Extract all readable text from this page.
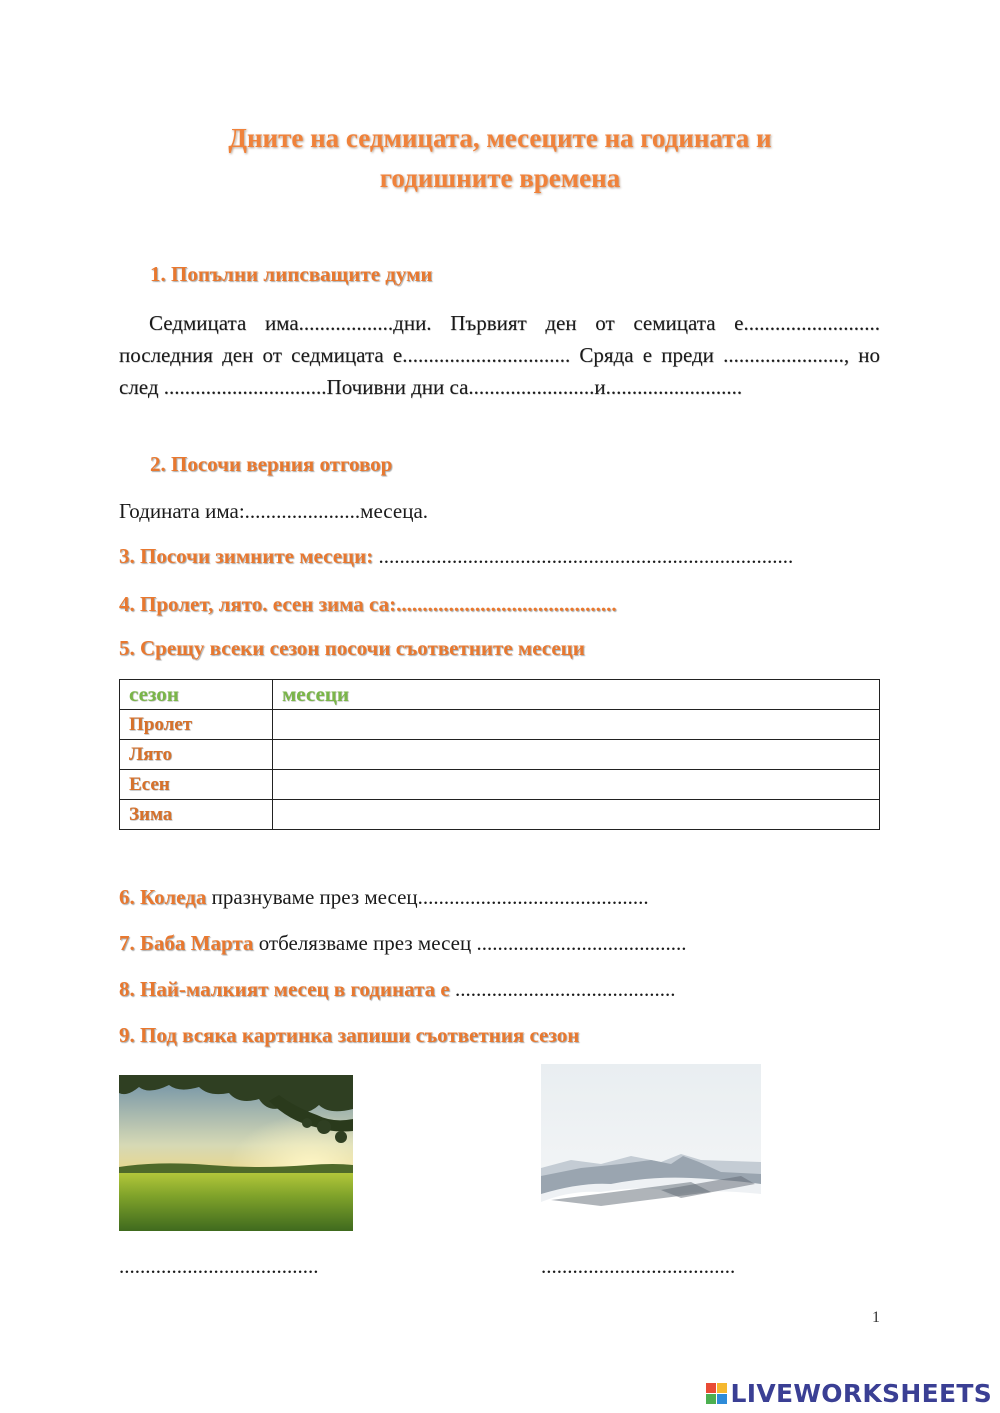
Дните на седмицата, месеците на годината и
годишните времена
1. Попълни липсващите думи
Седмицата има..................дни. Първият ден от семицата е.......................... последния ден от седмицата е................................ Сряда е преди ......................., но след ...............................Почивни дни са........................и..........................
2. Посочи верния отговор
Годината има:......................месеца.
3. Посочи зимните месеци: ...............................................................................
4. Пролет, лято. есен зима са:..........................................
5. Срещу всеки сезон посочи съответните месеци
сезон	месеци
Пролет	
Лято	
Есен	
Зима	
6. Коледа празнуваме през месец............................................
7. Баба Марта отбелязваме през месец ........................................
8. Най-малкият месец в годината е ..........................................
9. Под всяка картинка запиши съответния сезон
......................................	.....................................
1
LIVEWORKSHEETS
